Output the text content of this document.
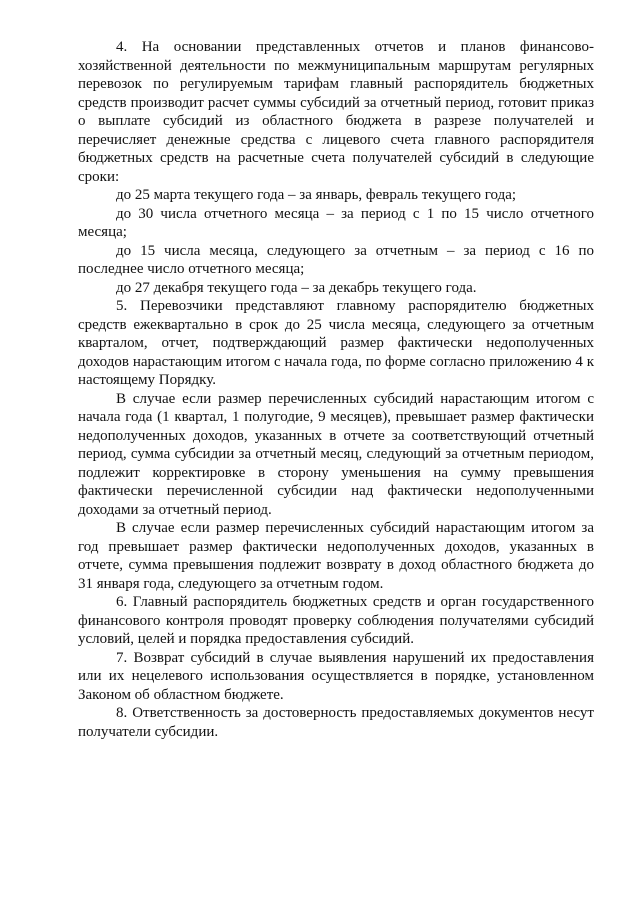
4. На основании представленных отчетов и планов финансово-хозяйственной деятельности по межмуниципальным маршрутам регулярных перевозок по регулируемым тарифам главный распорядитель бюджетных средств производит расчет суммы субсидий за отчетный период, готовит приказ о выплате субсидий из областного бюджета в разрезе получателей и перечисляет денежные средства с лицевого счета главного распорядителя бюджетных средств на расчетные счета получателей субсидий в следующие сроки:

до 25 марта текущего года – за январь, февраль текущего года;

до 30 числа отчетного месяца – за период с 1 по 15 число отчетного месяца;

до 15 числа месяца, следующего за отчетным – за период с 16 по последнее число отчетного месяца;

до 27 декабря текущего года – за декабрь текущего года.

5. Перевозчики представляют главному распорядителю бюджетных средств ежеквартально в срок до 25 числа месяца, следующего за отчетным кварталом, отчет, подтверждающий размер фактически недополученных доходов нарастающим итогом с начала года, по форме согласно приложению 4 к настоящему Порядку.

В случае если размер перечисленных субсидий нарастающим итогом с начала года (1 квартал, 1 полугодие, 9 месяцев), превышает размер фактически недополученных доходов, указанных в отчете за соответствующий отчетный период, сумма субсидии за отчетный месяц, следующий за отчетным периодом, подлежит корректировке в сторону уменьшения на сумму превышения фактически перечисленной субсидии над фактически недополученными доходами за отчетный период.

В случае если размер перечисленных субсидий нарастающим итогом за год превышает размер фактически недополученных доходов, указанных в отчете, сумма превышения подлежит возврату в доход областного бюджета до 31 января года, следующего за отчетным годом.

6. Главный распорядитель бюджетных средств и орган государственного финансового контроля проводят проверку соблюдения получателями субсидий условий, целей и порядка предоставления субсидий.

7. Возврат субсидий в случае выявления нарушений их предоставления или их нецелевого использования осуществляется в порядке, установленном Законом об областном бюджете.

8. Ответственность за достоверность предоставляемых документов несут получатели субсидии.
